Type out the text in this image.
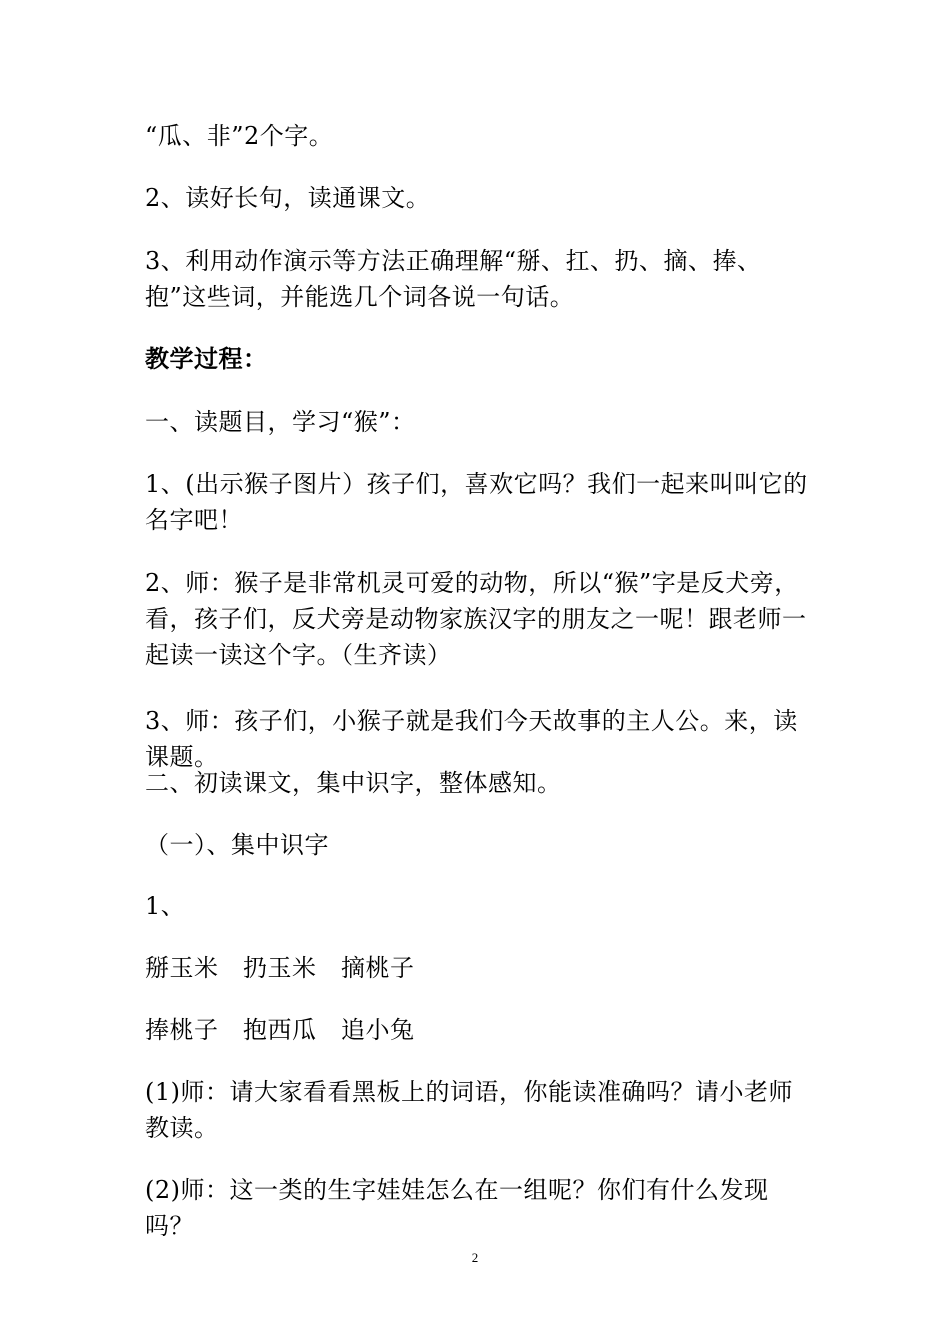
“瓜、非”2个字。

2、读好长句，读通课文。

3、利用动作演示等方法正确理解“掰、扛、扔、摘、捧、抱”这些词，并能选几个词各说一句话。

教学过程：

一、读题目，学习“猴”：

1、(出示猴子图片）孩子们，喜欢它吗？我们一起来叫叫它的名字吧！

2、师：猴子是非常机灵可爱的动物，所以“猴”字是反犬旁，看，孩子们，反犬旁是动物家族汉字的朋友之一呢！跟老师一起读一读这个字。（生齐读）

3、师：孩子们，小猴子就是我们今天故事的主人公。来，读课题。

二、初读课文，集中识字，整体感知。

（一）、集中识字

1、

掰玉米　扔玉米　摘桃子

捧桃子　抱西瓜　追小兔

(1)师：请大家看看黑板上的词语，你能读准确吗？请小老师教读。

(2)师：这一类的生字娃娃怎么在一组呢？你们有什么发现吗？

2
